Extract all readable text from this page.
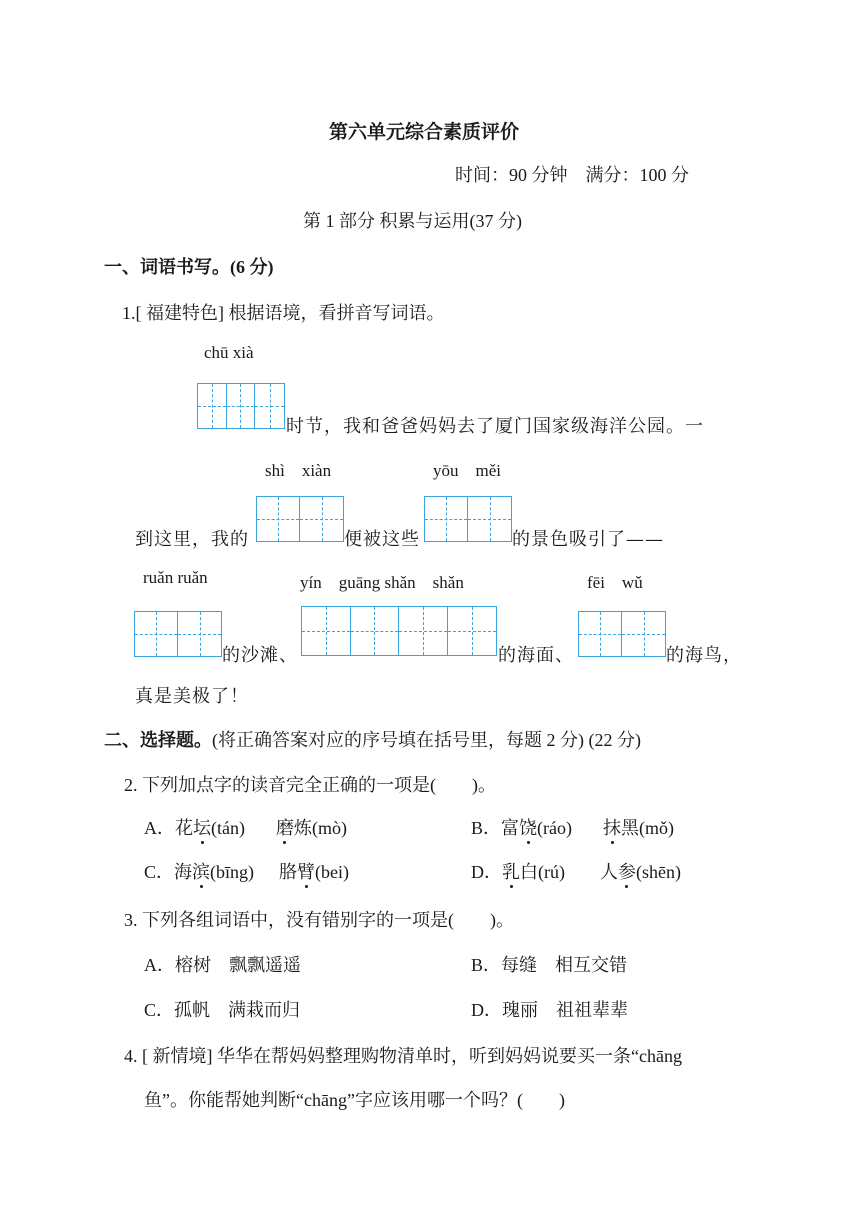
第六单元综合素质评价
时间：90 分钟　满分：100 分
第 1 部分 积累与运用(37 分)
一、词语书写。(6 分)
1.[ 福建特色] 根据语境，看拼音写词语。
chū xià
时节，我和爸爸妈妈去了厦门国家级海洋公园。一
shì　xiàn	yōu　měi
到这里，我的	便被这些	的景色吸引了——
ruǎn ruǎn	yín　guāng shǎn　shǎn	fēi　wǔ
的沙滩、	的海面、	的海鸟，
真是美极了！
二、选择题。(将正确答案对应的序号填在括号里，每题 2 分) (22 分)
2. 下列加点字的读音完全正确的一项是(　　)。
A．花坛(tán) 磨炼(mò)	B．富饶(ráo) 抹黑(mǒ)
C．海滨(bīng) 胳臂(bei)	D．乳白(rú) 人参(shēn)
3. 下列各组词语中，没有错别字的一项是(　　)。
A．榕树　飘飘遥遥	B．每缝　相互交错
C．孤帆　满栽而归	D．瑰丽　祖祖辈辈
4. [ 新情境] 华华在帮妈妈整理购物清单时，听到妈妈说要买一条“chāng
鱼”。你能帮她判断“chāng”字应该用哪一个吗？(　　)
